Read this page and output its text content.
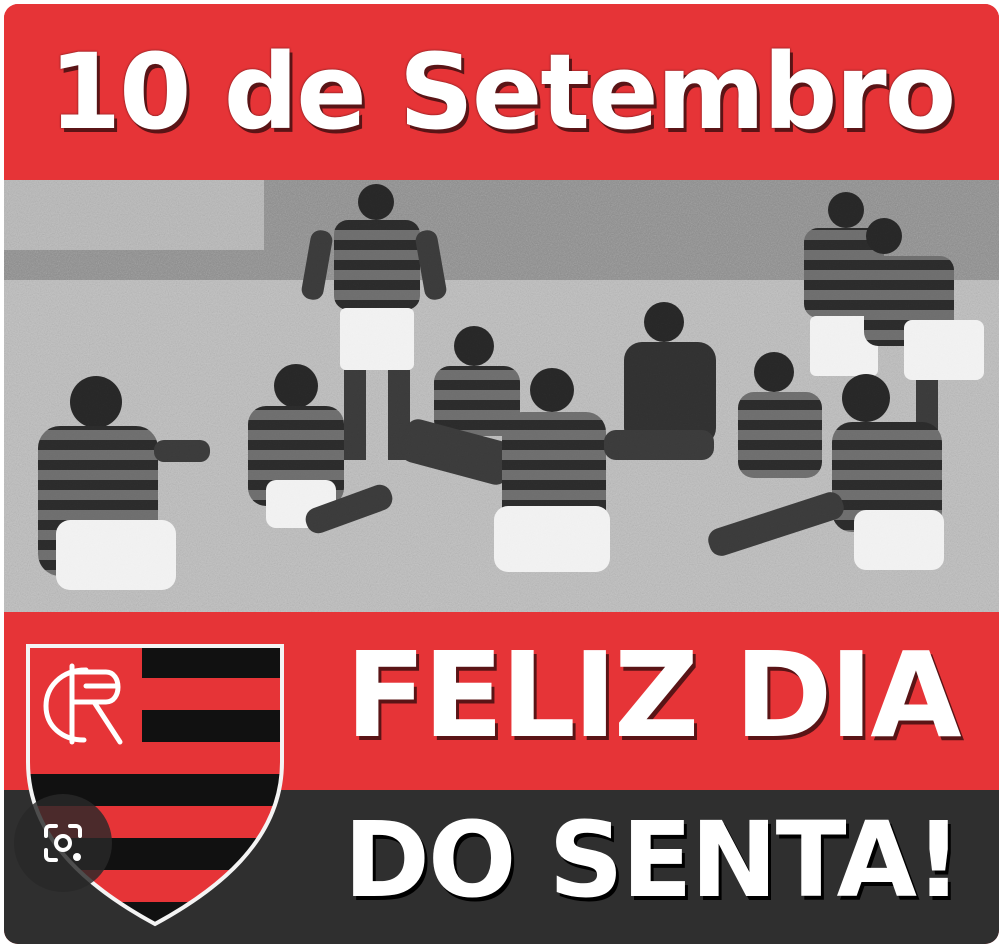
10 de Setembro
FELIZ DIA
DO SENTA!
